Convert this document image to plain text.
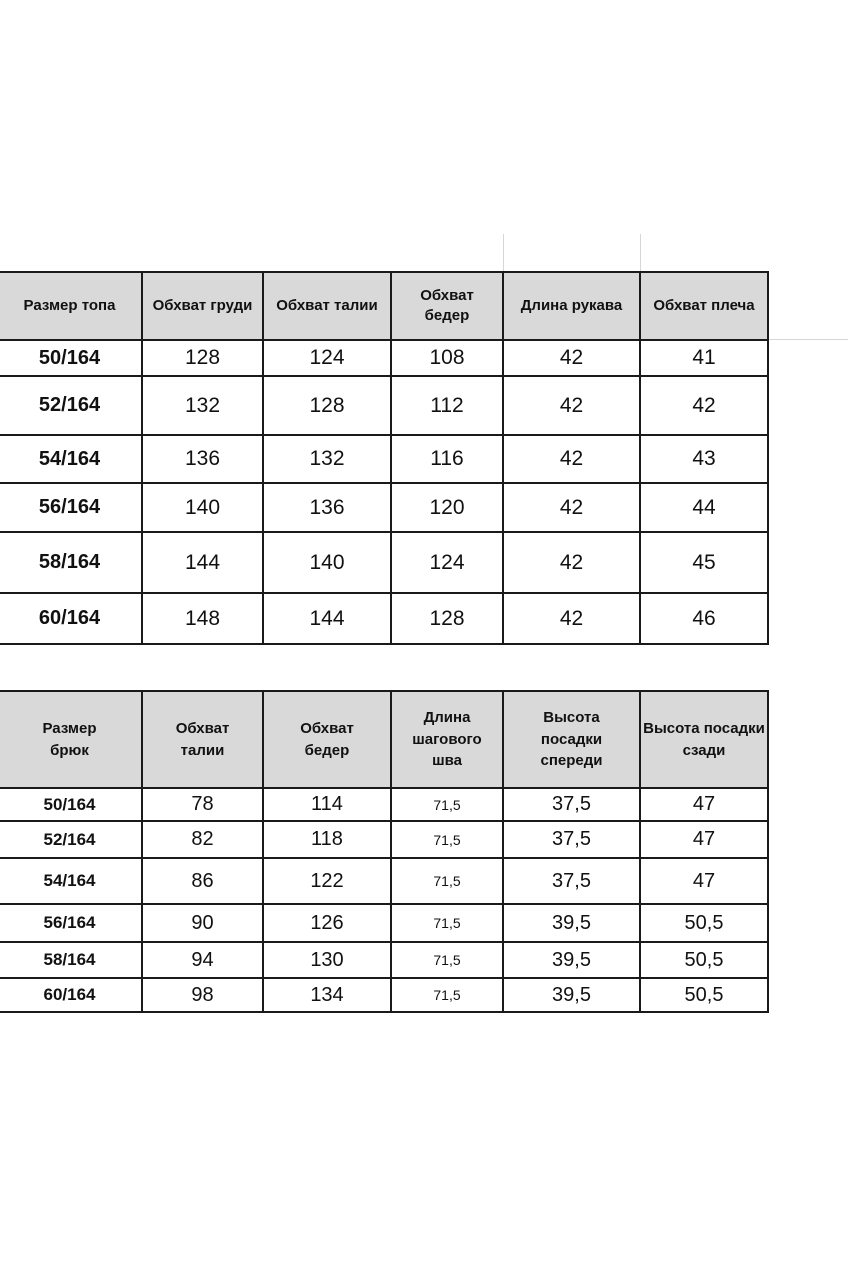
Размер топа	Обхват груди	Обхват талии	Обхват бедер	Длина рукава	Обхват плеча
50/164	128	124	108	42	41
52/164	132	128	112	42	42
54/164	136	132	116	42	43
56/164	140	136	120	42	44
58/164	144	140	124	42	45
60/164	148	144	128	42	46
Размер брюк	Обхват талии	Обхват бедер	Длина шагового шва	Высота посадки спереди	Высота посадки сзади
50/164	78	114	71,5	37,5	47
52/164	82	118	71,5	37,5	47
54/164	86	122	71,5	37,5	47
56/164	90	126	71,5	39,5	50,5
58/164	94	130	71,5	39,5	50,5
60/164	98	134	71,5	39,5	50,5
